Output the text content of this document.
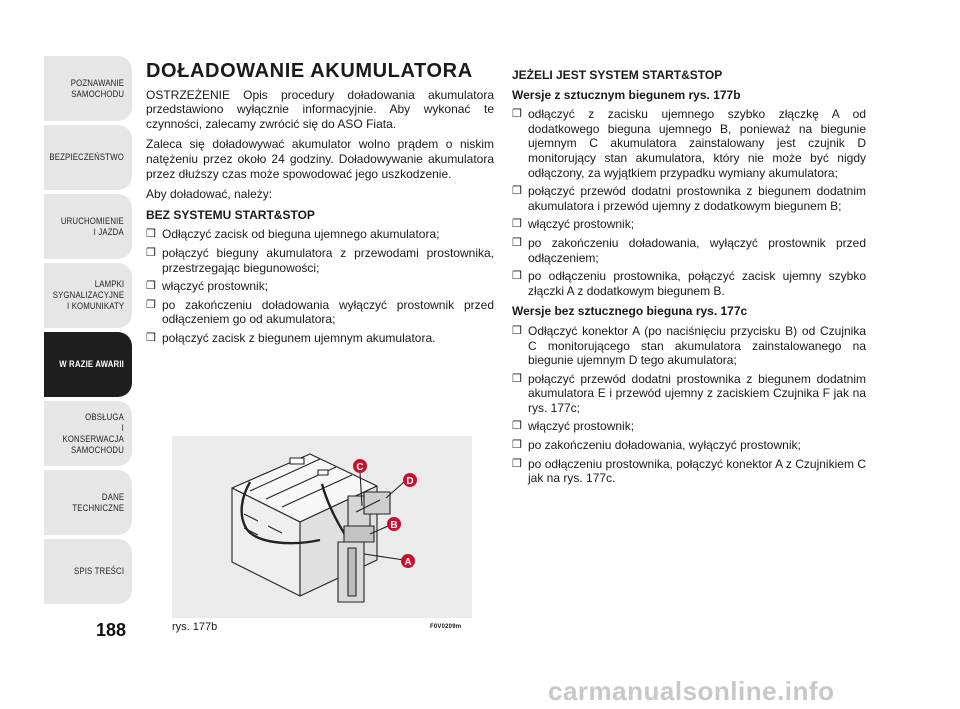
POZNAWANIE
SAMOCHODU
BEZPIECZEŃSTWO
URUCHOMIENIE
I JAZDA
LAMPKI
SYGNALIZACYJNE
I KOMUNIKATY
W RAZIE AWARII
OBSŁUGA
I KONSERWACJA
SAMOCHODU
DANE
TECHNICZNE
SPIS TREŚCI
188
DOŁADOWANIE AKUMULATORA

OSTRZEŻENIE Opis procedury doładowania akumulatora przedstawiono wyłącznie informacyjnie. Aby wykonać te czynności, zalecamy zwrócić się do ASO Fiata.

Zaleca się doładowywać akumulator wolno prądem o niskim natężeniu przez około 24 godziny. Doładowywanie akumulatora przez dłuższy czas może spowodować jego uszkodzenie.

Aby doładować, należy:

BEZ SYSTEMU START&STOP
❒ Odłączyć zacisk od bieguna ujemnego akumulatora;
❒ połączyć bieguny akumulatora z przewodami prostownika, przestrzegając biegunowości;
❒ włączyć prostownik;
❒ po zakończeniu doładowania wyłączyć prostownik przed odłączeniem go od akumulatora;
❒ połączyć zacisk z biegunem ujemnym akumulatora.
C
D
B
A
rys. 177b	F0V0209m
JEŻELI JEST SYSTEM START&STOP
Wersje z sztucznym biegunem rys. 177b
❒ odłączyć z zacisku ujemnego szybko złączkę A od dodatkowego bieguna ujemnego B, ponieważ na biegunie ujemnym C akumulatora zainstalowany jest czujnik D monitorujący stan akumulatora, który nie może być nigdy odłączony, za wyjątkiem przypadku wymiany akumulatora;
❒ połączyć przewód dodatni prostownika z biegunem dodatnim akumulatora i przewód ujemny z dodatkowym biegunem B;
❒ włączyć prostownik;
❒ po zakończeniu doładowania, wyłączyć prostownik przed odłączeniem;
❒ po odłączeniu prostownika, połączyć zacisk ujemny szybko złączki A z dodatkowym biegunem B.
Wersje bez sztucznego bieguna rys. 177c
❒ Odłączyć konektor A (po naciśnięciu przycisku B) od Czujnika C monitorującego stan akumulatora zainstalowanego na biegunie ujemnym D tego akumulatora;
❒ połączyć przewód dodatni prostownika z biegunem dodatnim akumulatora E i przewód ujemny z zaciskiem Czujnika F jak na rys. 177c;
❒ włączyć prostownik;
❒ po zakończeniu doładowania, wyłączyć prostownik;
❒ po odłączeniu prostownika, połączyć konektor A z Czujnikiem C jak na rys. 177c.
carmanualsonline.info
